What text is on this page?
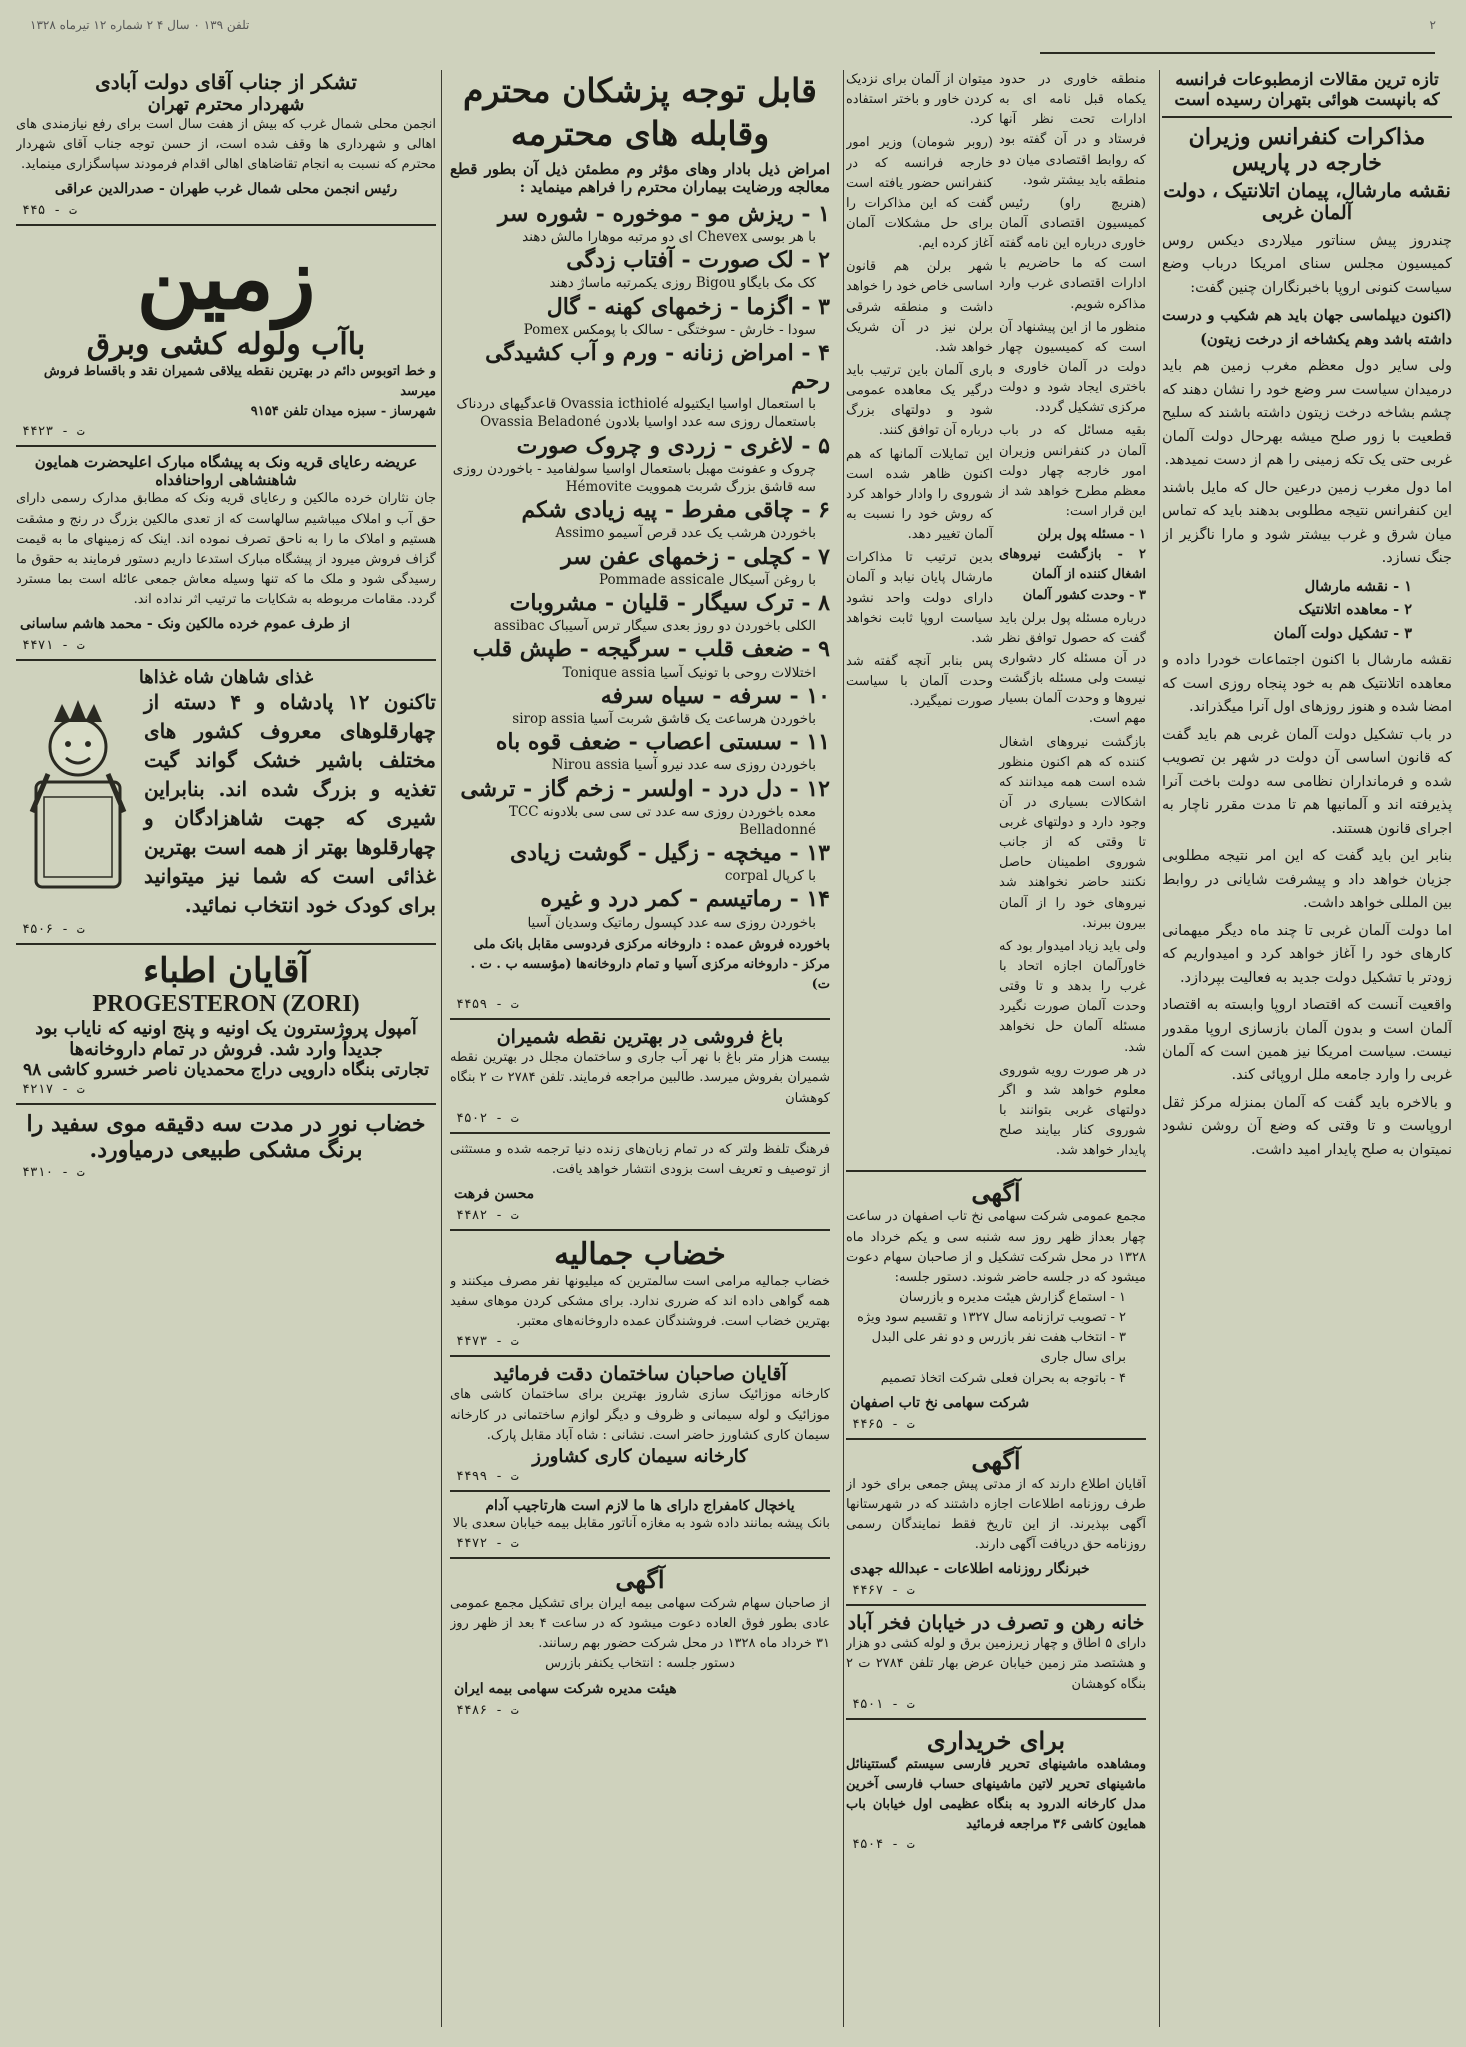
۲
تلفن ١٣٩ ۰ سال ۴ ۲ شماره ۱۲ تیرماه ۱۳۲۸
تازه ترین مقالات ازمطبوعات فرانسه
که بانپست هوائی بتهران رسیده است
مذاکرات کنفرانس وزیران خارجه در پاریس
نقشه مارشال، پیمان اتلانتیک ، دولت آلمان غربی

چندروز پیش سناتور میلاردی دیکس روس کمیسیون مجلس سنای امریکا درباب وضع سیاست کنونی اروپا باخبرنگاران چنین گفت:

(اکنون دیپلماسی جهان باید هم شکیب و درست داشته باشد وهم یکشاخه از درخت زیتون)

ولی سایر دول معظم مغرب زمین هم باید درمیدان سیاست سر وضع خود را نشان دهند که چشم بشاخه درخت زیتون داشته باشند که سلیح قطعیت با زور صلح میشه بهرحال دولت آلمان غربی حتی یک تکه زمینی را هم از دست نمیدهد.

اما دول مغرب زمین درعین حال که مایل باشند این کنفرانس نتیجه مطلوبی بدهند باید که تماس میان شرق و غرب بیشتر شود و مارا ناگزیر از جنگ نسازد.

١ - نقشه مارشال
٢ - معاهده اتلانتیک
٣ - تشکیل دولت آلمان

نقشه مارشال با اکنون اجتماعات خودرا داده و معاهده اتلانتیک هم به خود پنجاه روزی است که امضا شده و هنوز روزهای اول آنرا میگذراند.

در باب تشکیل دولت آلمان غربی هم باید گفت که قانون اساسی آن دولت در شهر بن تصویب شده و فرمانداران نظامی سه دولت باخت آنرا پذیرفته اند و آلمانیها هم تا مدت مقرر ناچار به اجرای قانون هستند.

بنابر این باید گفت که این امر نتیجه مطلوبی جزیان خواهد داد و پیشرفت شایانی در روابط بین المللی خواهد داشت.

اما دولت آلمان غربی تا چند ماه دیگر میهمانی کارهای خود را آغاز خواهد کرد و امیدواریم که زودتر با تشکیل دولت جدید به فعالیت بپردازد.

واقعیت آنست که اقتصاد اروپا وابسته به اقتصاد آلمان است و بدون آلمان بازسازی اروپا مقدور نیست. سیاست امریکا نیز همین است که آلمان غربی را وارد جامعه ملل اروپائی کند.

و بالاخره باید گفت که آلمان بمنزله مرکز ثقل اروپاست و تا وقتی که وضع آن روشن نشود نمیتوان به صلح پایدار امید داشت.

منطقه خاوری در حدود یکماه قبل نامه ای به ادارات تحت نظر آنها فرستاد و در آن گفته بود که روابط اقتصادی میان دو منطقه باید بیشتر شود.

(هنریچ راو) رئیس کمیسیون اقتصادی آلمان خاوری درباره این نامه گفته است که ما حاضریم با ادارات اقتصادی غرب وارد مذاکره شویم.

منظور ما از این پیشنهاد آن است که کمیسیون چهار دولت در آلمان خاوری و باختری ایجاد شود و دولت مرکزی تشکیل گردد.

بقیه مسائل که در باب آلمان در کنفرانس وزیران امور خارجه چهار دولت معظم مطرح خواهد شد از این قرار است:

١ - مسئله پول برلن

٢ - بازگشت نیروهای اشغال کننده از آلمان

٣ - وحدت کشور آلمان

درباره مسئله پول برلن باید گفت که حصول توافق نظر در آن مسئله کار دشواری نیست ولی مسئله بازگشت نیروها و وحدت آلمان بسیار مهم است.

بازگشت نیروهای اشغال کننده که هم اکنون منظور شده است همه میدانند که اشکالات بسیاری در آن وجود دارد و دولتهای غربی تا وقتی که از جانب شوروی اطمینان حاصل نکنند حاضر نخواهند شد نیروهای خود را از آلمان بیرون ببرند.

ولی باید زیاد امیدوار بود که خاورآلمان اجازه اتحاد با غرب را بدهد و تا وقتی وحدت آلمان صورت نگیرد مسئله آلمان حل نخواهد شد.

در هر صورت رویه شوروی معلوم خواهد شد و اگر دولتهای غربی بتوانند با شوروی کنار بیایند صلح پایدار خواهد شد.

میتوان از آلمان برای نزدیک کردن خاور و باختر استفاده کرد.

(روبر شومان) وزیر امور خارجه فرانسه که در کنفرانس حضور یافته است گفت که این مذاکرات را برای حل مشکلات آلمان آغاز کرده ایم.

شهر برلن هم قانون اساسی خاص خود را خواهد داشت و منطقه شرقی برلن نیز در آن شریک خواهد شد.

باری آلمان باین ترتیب باید درگیر یک معاهده عمومی شود و دولتهای بزرگ درباره آن توافق کنند.

این تمایلات آلمانها که هم اکنون ظاهر شده است شوروی را وادار خواهد کرد که روش خود را نسبت به آلمان تغییر دهد.

بدین ترتیب تا مذاکرات مارشال پایان نیابد و آلمان دارای دولت واحد نشود سیاست اروپا ثابت نخواهد شد.

پس بنابر آنچه گفته شد وحدت آلمان با سیاست صورت نمیگیرد.

آگهی
مجمع عمومی شرکت سهامی نخ تاب اصفهان در ساعت چهار بعداز ظهر روز سه شنبه سی و یکم خرداد ماه ۱۳۲۸ در محل شرکت تشکیل و از صاحبان سهام دعوت میشود که در جلسه حاضر شوند. دستور جلسه:
١ - استماع گزارش هیئت مدیره و بازرسان
٢ - تصویب ترازنامه سال ۱۳۲۷ و تقسیم سود ویژه
٣ - انتخاب هفت نفر بازرس و دو نفر علی البدل برای سال جاری
۴ - باتوجه به بحران فعلی شرکت اتخاذ تصمیم
شرکت سهامی نخ تاب اصفهان
۴۴۶۵ - ت
آگهی
آقایان اطلاع دارند که از مدتی پیش جمعی برای خود از طرف روزنامه اطلاعات اجازه داشتند که در شهرستانها آگهی بپذیرند. از این تاریخ فقط نمایندگان رسمی روزنامه حق دریافت آگهی دارند.
خبرنگار روزنامه اطلاعات - عبدالله جهدی
۴۴۶۷ - ت
خانه رهن و تصرف در خیابان فخر آباد
دارای ۵ اطاق و چهار زیرزمین برق و لوله کشی دو هزار و هشتصد متر زمین خیابان عرض بهار تلفن ۲۷۸۴ ت ۲ بنگاه کوهشان
۴۵۰۱ - ت
برای خریداری
ومشاهده ماشینهای تحریر فارسی سیستم گستتینائل ماشینهای تحریر لاتین ماشینهای حساب فارسی آخرین مدل کارخانه الدرود به بنگاه عظیمی اول خیابان باب همایون کاشی ۳۶ مراجعه فرمائید
۴۵۰۴ - ت
قابل توجه پزشکان محترم
وقابله های محترمه
امراض ذیل بادار وهای مؤثر وم مطمئن ذیل آن بطور قطع معالجه ورضایت بیماران محترم را فراهم مینماید :
١ - ریزش مو - موخوره - شوره سر
با هر بوسی Chevex ای دو مرتبه موهارا مالش دهند
٢ - لک صورت - آفتاب زدگی
کک مک بایگاو Bigou روزی یکمرتبه ماساژ دهند
٣ - اگزما - زخمهای کهنه - گال
سودا - خارش - سوختگی - سالک با پومکس Pomex
۴ - امراض زنانه - ورم و آب کشیدگی رحم
با استعمال اواسیا ایکتیوله Ovassia icthiolé قاعدگیهای دردناک باستعمال روزی سه عدد اواسیا بلادون Ovassia Beladoné
۵ - لاغری - زردی و چروک صورت
چروک و عفونت مهبل باستعمال اواسیا سولفامید - باخوردن روزی سه قاشق بزرگ شربت هموویت Hémovite
۶ - چاقی مفرط - پیه زیادی شکم
باخوردن هرشب یک عدد قرص آسیمو Assimo
٧ - کچلی - زخمهای عفن سر
با روغن آسیکال Pommade assicale
٨ - ترک سیگار - قلیان - مشروبات
الکلی باخوردن دو روز بعدی سیگار ترس آسیباک assibac
٩ - ضعف قلب - سرگیجه - طپش قلب
اختلالات روحی با تونیک آسیا Tonique assia
١٠ - سرفه - سیاه سرفه
باخوردن هرساعت یک قاشق شربت آسیا sirop assia
١١ - سستی اعصاب - ضعف قوه باه
باخوردن روزی سه عدد نیرو آسیا Nirou assia
١٢ - دل درد - اولسر - زخم گاز - ترشی
معده باخوردن روزی سه عدد تی سی سی بلادونه TCC Belladonné
١٣ - میخچه - زگیل - گوشت زیادی
با کرپال corpal
١۴ - رماتیسم - کمر درد و غیره
باخوردن روزی سه عدد کپسول رماتیک وسدیان آسیا
باخورده فروش عمده : داروخانه مرکزی فردوسی مقابل بانک ملی مرکز - داروخانه مرکزی آسیا و تمام داروخانه‌ها (مؤسسه ب . ت . ت)
۴۴۵۹ - ت
باغ فروشی در بهترین نقطه شمیران
بیست هزار متر باغ با نهر آب جاری و ساختمان مجلل در بهترین نقطه شمیران بفروش میرسد. طالبین مراجعه فرمایند. تلفن ۲۷۸۴ ت ۲ بنگاه کوهشان
۴۵۰۲ - ت
فرهنگ تلفظ ولتر که در تمام زبان‌های زنده دنیا ترجمه شده و مستثنی از توصیف و تعریف است بزودی انتشار خواهد یافت.
محسن فرهت
۴۴۸۲ - ت
خضاب جمالیه
خضاب جمالیه مرامی است سالمترین که میلیونها نفر مصرف میکنند و همه گواهی داده اند که ضرری ندارد. برای مشکی کردن موهای سفید بهترین خضاب است. فروشندگان عمده داروخانه‌های معتبر.
۴۴۷۳ - ت
آقایان صاحبان ساختمان دقت فرمائید
کارخانه موزائیک سازی شاروز بهترین برای ساختمان کاشی های موزائیک و لوله سیمانی و ظروف و دیگر لوازم ساختمانی در کارخانه سیمان کاری کشاورز حاضر است. نشانی : شاه آباد مقابل پارک.
کارخانه سیمان کاری کشاورز
۴۴۹۹ - ت
یاخچال کامفراج دارای ها ما لازم است هارتاجیب آدام
بانک پیشه بمانند داده شود به مغازه آناتور مقابل بیمه خیابان سعدی بالا
۴۴۷۲ - ت
آگهی
از صاحبان سهام شرکت سهامی بیمه ایران برای تشکیل مجمع عمومی عادی بطور فوق العاده دعوت میشود که در ساعت ۴ بعد از ظهر روز ۳۱ خرداد ماه ۱۳۲۸ در محل شرکت حضور بهم رسانند.
دستور جلسه : انتخاب یکنفر بازرس
هیئت مدیره شرکت سهامی بیمه ایران
۴۴۸۶ - ت
تشکر از جناب آقای دولت آبادی
شهردار محترم تهران
انجمن محلی شمال غرب که بیش از هفت سال است برای رفع نیازمندی های اهالی و شهرداری ها وقف شده است، از حسن توجه جناب آقای شهردار محترم که نسبت به انجام تقاضاهای اهالی اقدام فرمودند سپاسگزاری مینماید.
رئیس انجمن محلی شمال غرب طهران - صدرالدین عراقی
۴۴۵ - ت
زمین
باآب ولوله کشی وبرق
و خط اتوبوس دائم در بهترین نقطه ییلاقی شمیران نقد و باقساط فروش میرسد
شهرساز - سبزه میدان تلفن ۹۱۵۴
۴۴۲۳ - ت
عریضه رعایای قریه ونک به پیشگاه مبارک اعلیحضرت همایون شاهنشاهی ارواحنافداه
جان نثاران خرده مالکین و رعایای قریه ونک که مطابق مدارک رسمی دارای حق آب و املاک میباشیم سالهاست که از تعدی مالکین بزرگ در رنج و مشقت هستیم و املاک ما را به ناحق تصرف نموده اند. اینک که زمینهای ما به قیمت گزاف فروش میرود از پیشگاه مبارک استدعا داریم دستور فرمایند به حقوق ما رسیدگی شود و ملک ما که تنها وسیله معاش جمعی عائله است بما مسترد گردد. مقامات مربوطه به شکایات ما ترتیب اثر نداده اند.
از طرف عموم خرده مالکین ونک - محمد هاشم ساسانی
۴۴۷۱ - ت
غذای شاهان شاه غذاها
تاکنون ١٢ پادشاه و ۴ دسته از چهارقلوهای معروف کشور های مختلف باشیر خشک گواند گیت تغذیه و بزرگ شده اند. بنابراین شیری که جهت شاهزادگان و چهارقلوها بهتر از همه است بهترین غذائی است که شما نیز میتوانید برای کودک خود انتخاب نمائید.
۴۵۰۶ - ت
آقایان اطباء
PROGESTERON (ZORI)
آمپول پروژسترون یک اونیه و پنج اونیه که نایاب بود جدیداً وارد شد. فروش در تمام داروخانه‌ها
تجارتی بنگاه دارویی دراج محمدیان ناصر خسرو کاشی ۹۸
۴۲۱۷ - ت
خضاب نور در مدت سه دقیقه موی سفید را برنگ مشکی طبیعی درمیاورد.
۴۳۱۰ - ت
